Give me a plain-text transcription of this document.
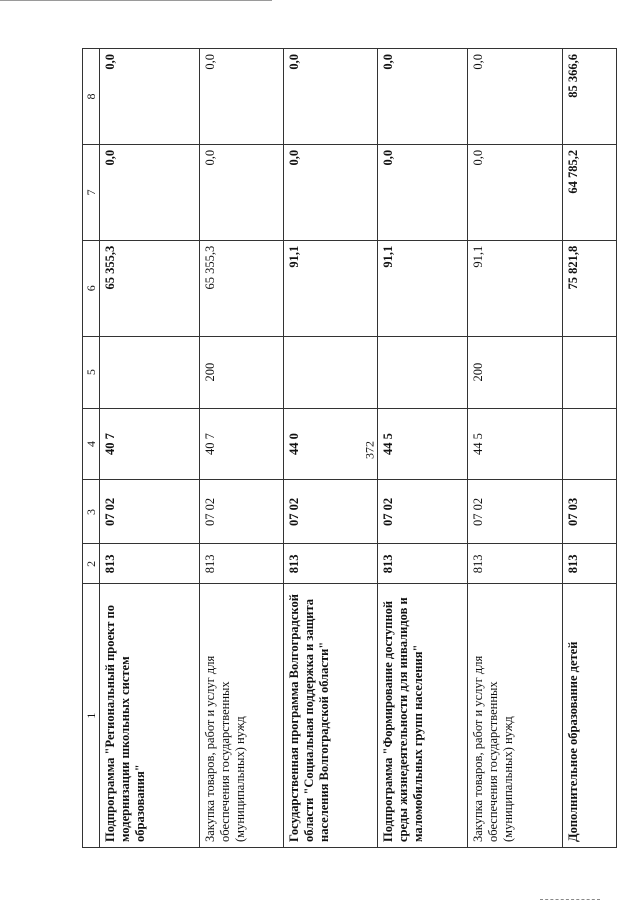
372
1	2	3	4	5	6	7	8
Подпрограмма "Региональный проект по модернизации школьных систем образования"	813	07 02	40 7		65 355,3	0,0	0,0
Закупка товаров, работ и услуг для обеспечения государственных (муниципальных) нужд	813	07 02	40 7	200	65 355,3	0,0	0,0
Государственная программа Волгоградской области "Социальная поддержка и защита населения Волгоградской области"	813	07 02	44 0		91,1	0,0	0,0
Подпрограмма "Формирование доступной среды жизнедеятельности для инвалидов и маломобильных групп населения"	813	07 02	44 5		91,1	0,0	0,0
Закупка товаров, работ и услуг для обеспечения государственных (муниципальных) нужд	813	07 02	44 5	200	91,1	0,0	0,0
Дополнительное образование детей	813	07 03			75 821,8	64 785,2	85 366,6
